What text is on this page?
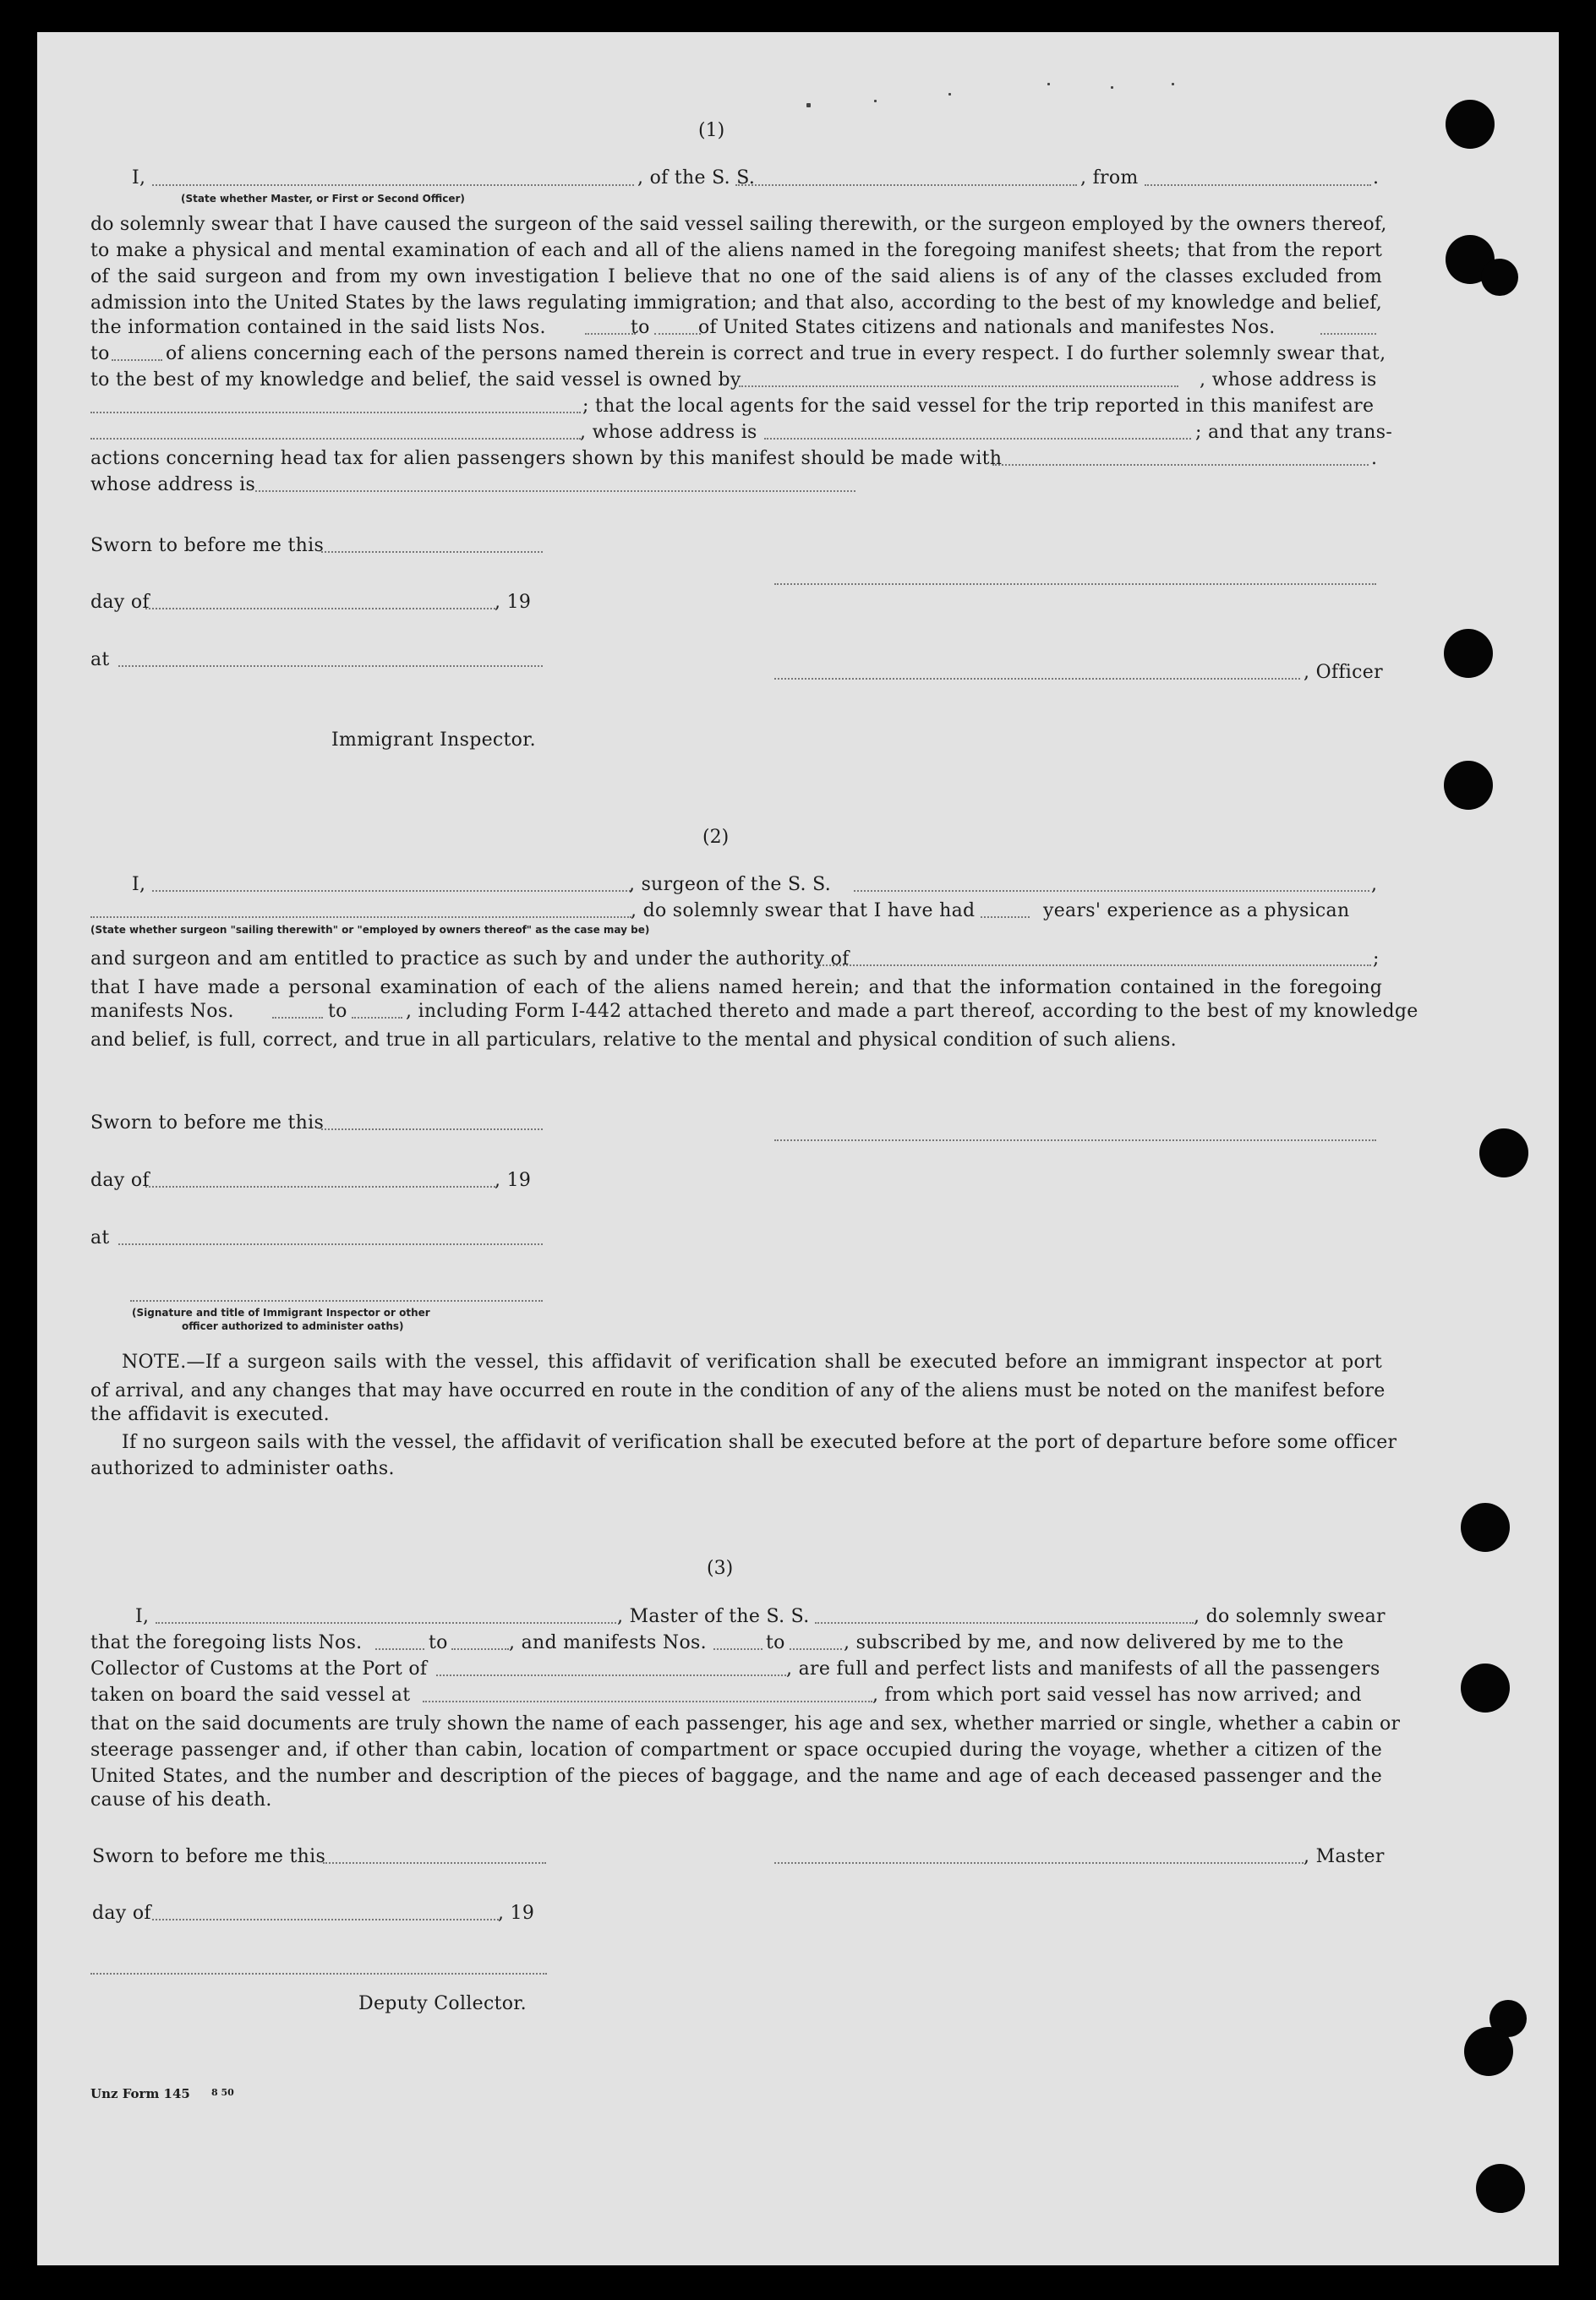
(1)
I,
(State whether Master, or First or Second Officer)
, of the S. S.	, from	.
do solemnly swear that I have caused the surgeon of the said vessel sailing therewith, or the surgeon employed by the owners thereof,
to make a physical and mental examination of each and all of the aliens named in the foregoing manifest sheets; that from the report
of the said surgeon and from my own investigation I believe that no one of the said aliens is of any of the classes excluded from
admission into the United States by the laws regulating immigration; and that also, according to the best of my knowledge and belief,
the information contained in the said lists Nos.	to	of United States citizens and nationals and manifestes Nos.
to	of aliens concerning each of the persons named therein is correct and true in every respect. I do further solemnly swear that,
to the best of my knowledge and belief, the said vessel is owned by	, whose address is
; that the local agents for the said vessel for the trip reported in this manifest are
, whose address is	; and that any trans-
actions concerning head tax for alien passengers shown by this manifest should be made with	.
whose address is
Sworn to before me this
day of	, 19
at
, Officer
Immigrant Inspector.
(2)
I,	, surgeon of the S. S.	,
, do solemnly swear that I have had	years' experience as a physican
(State whether surgeon "sailing therewith" or "employed by owners thereof" as the case may be)
and surgeon and am entitled to practice as such by and under the authority of	;
that I have made a personal examination of each of the aliens named herein; and that the information contained in the foregoing
manifests Nos.	to	, including Form I-442 attached thereto and made a part thereof, according to the best of my knowledge
and belief, is full, correct, and true in all particulars, relative to the mental and physical condition of such aliens.
Sworn to before me this
day of	, 19
at
(Signature and title of Immigrant Inspector or other
officer authorized to administer oaths)
NOTE.—If a surgeon sails with the vessel, this affidavit of verification shall be executed before an immigrant inspector at port
of arrival, and any changes that may have occurred en route in the condition of any of the aliens must be noted on the manifest before
the affidavit is executed.
If no surgeon sails with the vessel, the affidavit of verification shall be executed before at the port of departure before some officer
authorized to administer oaths.
(3)
I,	, Master of the S. S.	, do solemnly swear
that the foregoing lists Nos.	to	, and manifests Nos.	to	, subscribed by me, and now delivered by me to the
Collector of Customs at the Port of	, are full and perfect lists and manifests of all the passengers
taken on board the said vessel at	, from which port said vessel has now arrived; and
that on the said documents are truly shown the name of each passenger, his age and sex, whether married or single, whether a cabin or
steerage passenger and, if other than cabin, location of compartment or space occupied during the voyage, whether a citizen of the
United States, and the number and description of the pieces of baggage, and the name and age of each deceased passenger and the
cause of his death.
Sworn to before me this	, Master
day of	, 19
Deputy Collector.
Unz Form 145 8 50
